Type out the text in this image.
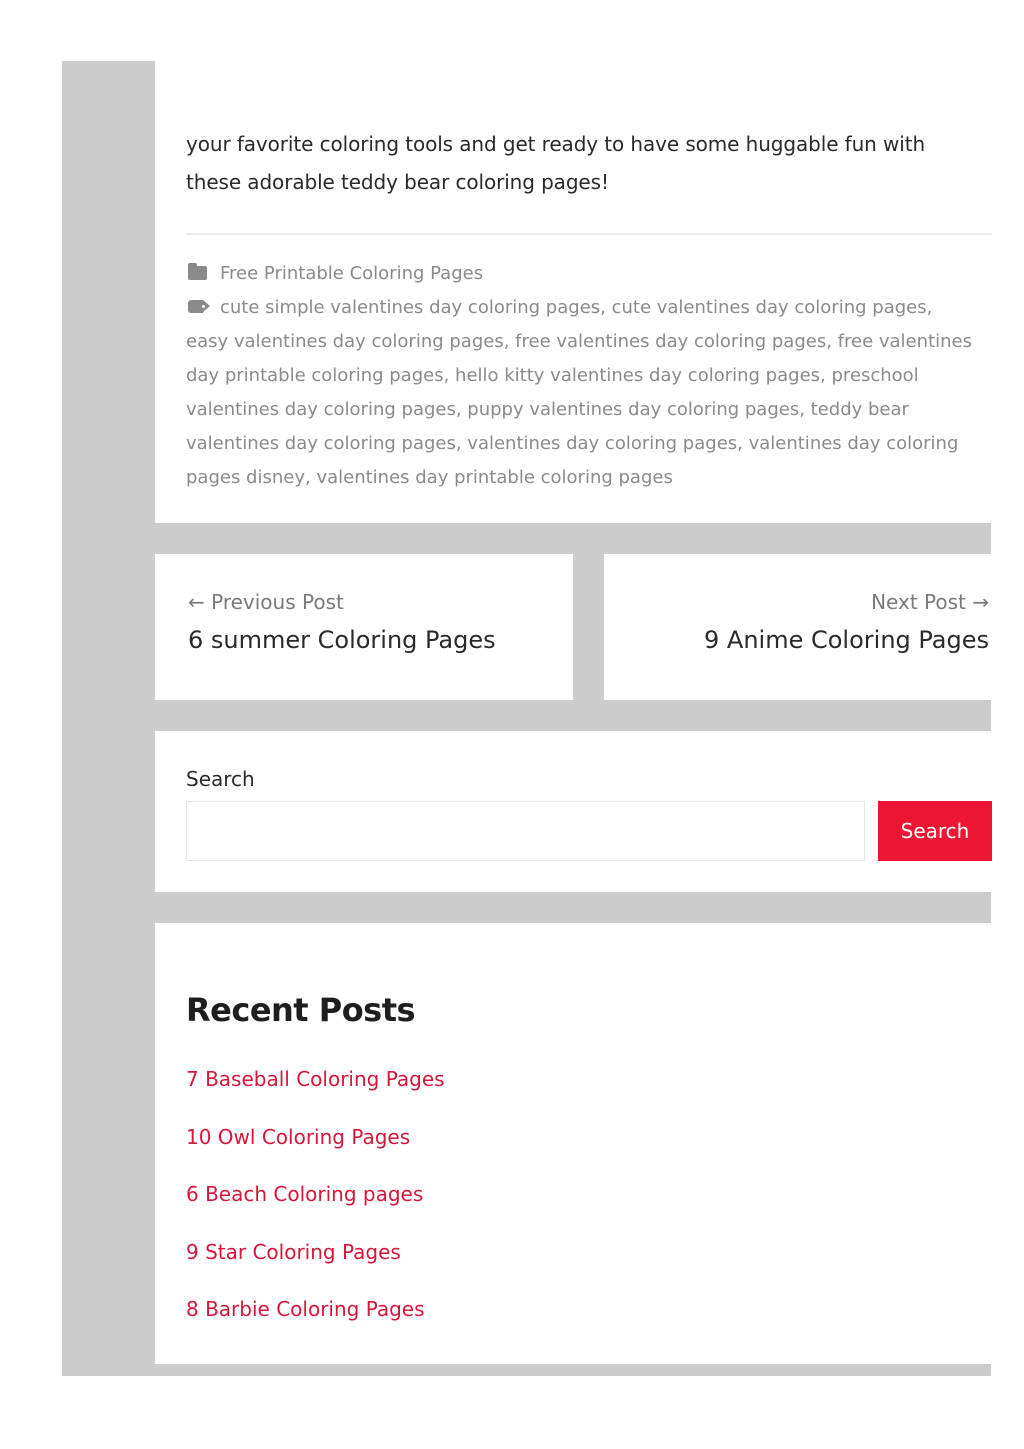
your favorite coloring tools and get ready to have some huggable fun with these adorable teddy bear coloring pages!

Free Printable Coloring Pages
cute simple valentines day coloring pages, cute valentines day coloring pages, easy valentines day coloring pages, free valentines day coloring pages, free valentines day printable coloring pages, hello kitty valentines day coloring pages, preschool valentines day coloring pages, puppy valentines day coloring pages, teddy bear valentines day coloring pages, valentines day coloring pages, valentines day coloring pages disney, valentines day printable coloring pages
← Previous Post
6 summer Coloring Pages
Next Post →
9 Anime Coloring Pages
Search
Search
Recent Posts
7 Baseball Coloring Pages
10 Owl Coloring Pages
6 Beach Coloring pages
9 Star Coloring Pages
8 Barbie Coloring Pages
